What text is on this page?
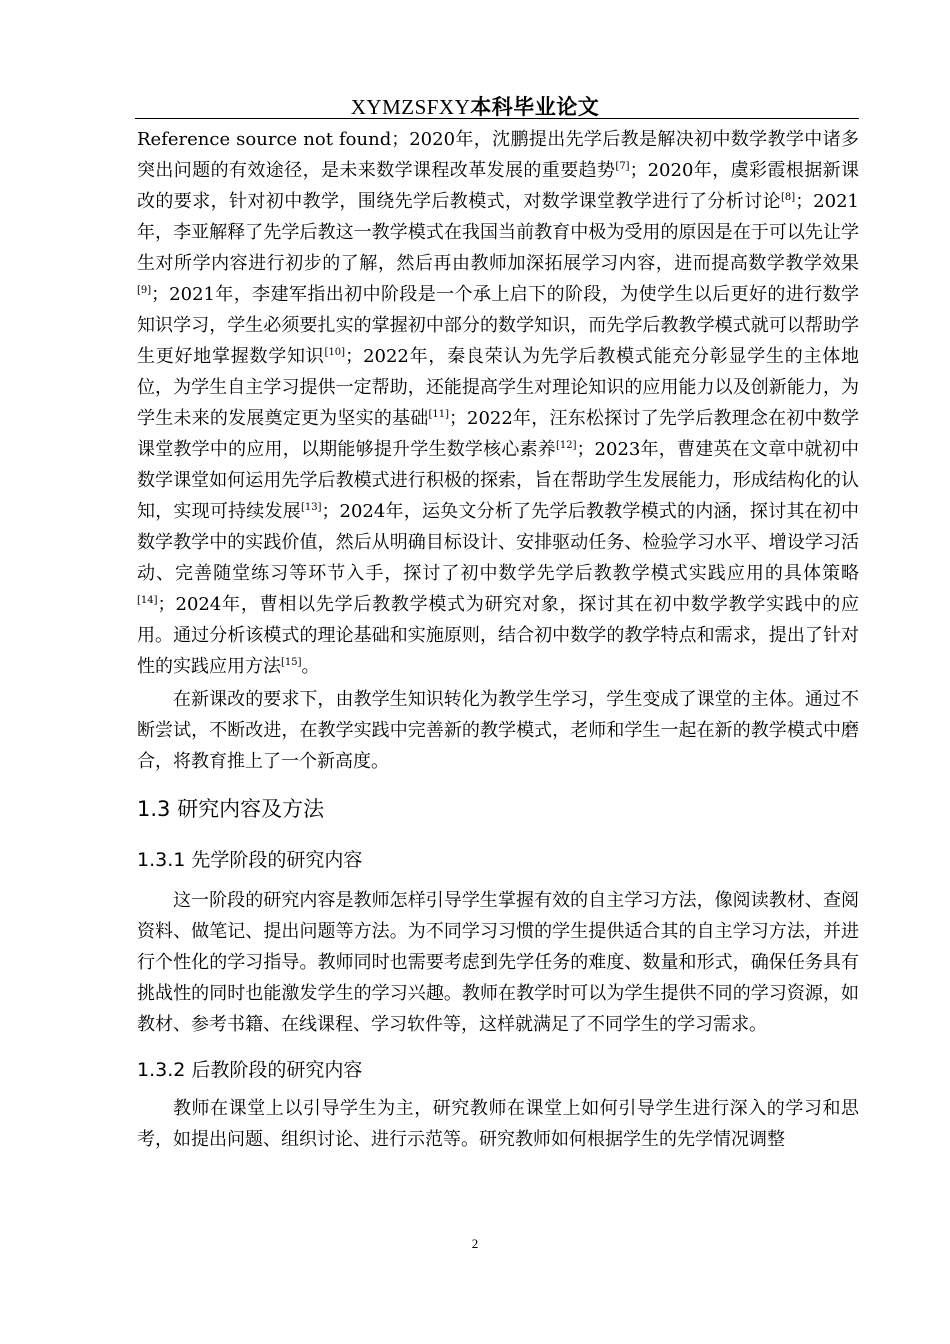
XYMZSFXY本科毕业论文

Reference source not found；2020年，沈鹏提出先学后教是解决初中数学教学中诸多突出问题的有效途径，是未来数学课程改革发展的重要趋势[7]；2020年，虞彩霞根据新课改的要求，针对初中教学，围绕先学后教模式，对数学课堂教学进行了分析讨论[8]；2021年，李亚解释了先学后教这一教学模式在我国当前教育中极为受用的原因是在于可以先让学生对所学内容进行初步的了解，然后再由教师加深拓展学习内容，进而提高数学教学效果[9]；2021年，李建军指出初中阶段是一个承上启下的阶段，为使学生以后更好的进行数学知识学习，学生必须要扎实的掌握初中部分的数学知识，而先学后教教学模式就可以帮助学生更好地掌握数学知识[10]；2022年，秦良荣认为先学后教模式能充分彰显学生的主体地位，为学生自主学习提供一定帮助，还能提高学生对理论知识的应用能力以及创新能力，为学生未来的发展奠定更为坚实的基础[11]；2022年，汪东松探讨了先学后教理念在初中数学课堂教学中的应用，以期能够提升学生数学核心素养[12]；2023年，曹建英在文章中就初中数学课堂如何运用先学后教模式进行积极的探索，旨在帮助学生发展能力，形成结构化的认知，实现可持续发展[13]；2024年，运奂文分析了先学后教教学模式的内涵，探讨其在初中数学教学中的实践价值，然后从明确目标设计、安排驱动任务、检验学习水平、增设学习活动、完善随堂练习等环节入手，探讨了初中数学先学后教教学模式实践应用的具体策略[14]；2024年，曹相以先学后教教学模式为研究对象，探讨其在初中数学教学实践中的应用。通过分析该模式的理论基础和实施原则，结合初中数学的教学特点和需求，提出了针对性的实践应用方法[15]。

在新课改的要求下，由教学生知识转化为教学生学习，学生变成了课堂的主体。通过不断尝试，不断改进，在教学实践中完善新的教学模式，老师和学生一起在新的教学模式中磨合，将教育推上了一个新高度。

1.3 研究内容及方法
1.3.1 先学阶段的研究内容

这一阶段的研究内容是教师怎样引导学生掌握有效的自主学习方法，像阅读教材、查阅资料、做笔记、提出问题等方法。为不同学习习惯的学生提供适合其的自主学习方法，并进行个性化的学习指导。教师同时也需要考虑到先学任务的难度、数量和形式，确保任务具有挑战性的同时也能激发学生的学习兴趣。教师在教学时可以为学生提供不同的学习资源，如教材、参考书籍、在线课程、学习软件等，这样就满足了不同学生的学习需求。

1.3.2 后教阶段的研究内容

教师在课堂上以引导学生为主，研究教师在课堂上如何引导学生进行深入的学习和思考，如提出问题、组织讨论、进行示范等。研究教师如何根据学生的先学情况调整

2
